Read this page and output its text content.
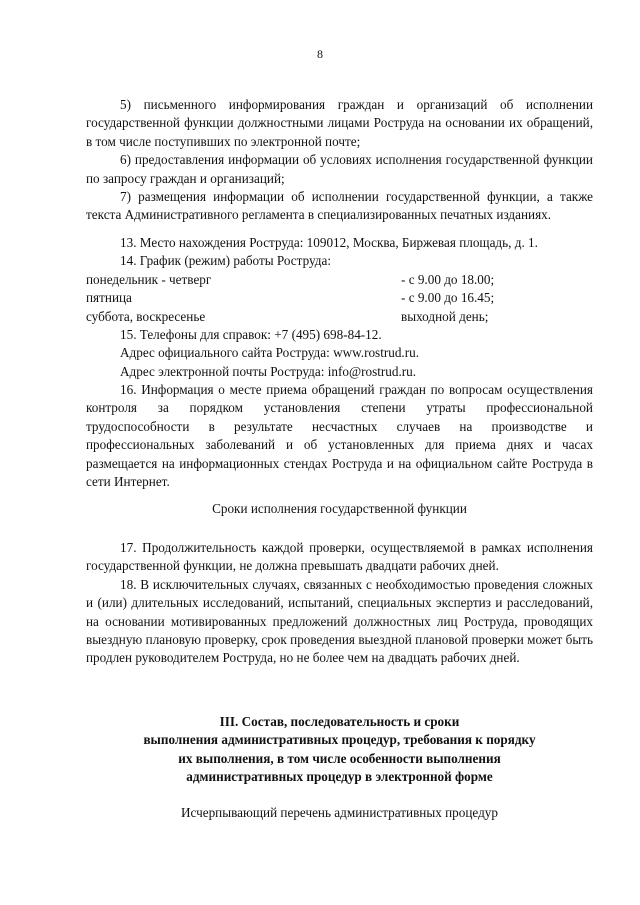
8

5) письменного информирования граждан и организаций об исполнении государственной функции должностными лицами Роструда на основании их обращений, в том числе поступивших по электронной почте;

6) предоставления информации об условиях исполнения государственной функции по запросу граждан и организаций;

7) размещения информации об исполнении государственной функции, а также текста Административного регламента в специализированных печатных изданиях.

13. Место нахождения Роструда: 109012, Москва, Биржевая площадь, д. 1.

14. График (режим) работы Роструда:

понедельник - четверг	- с 9.00 до 18.00;
пятница	- с 9.00 до 16.45;
суббота, воскресенье	выходной день;

15. Телефоны для справок: +7 (495) 698-84-12.

Адрес официального сайта Роструда: www.rostrud.ru.

Адрес электронной почты Роструда: info@rostrud.ru.

16. Информация о месте приема обращений граждан по вопросам осуществления контроля за порядком установления степени утраты профессиональной трудоспособности в результате несчастных случаев на производстве и профессиональных заболеваний и об установленных для приема днях и часах размещается на информационных стендах Роструда и на официальном сайте Роструда в сети Интернет.

Сроки исполнения государственной функции

17. Продолжительность каждой проверки, осуществляемой в рамках исполнения государственной функции, не должна превышать двадцати рабочих дней.

18. В исключительных случаях, связанных с необходимостью проведения сложных и (или) длительных исследований, испытаний, специальных экспертиз и расследований, на основании мотивированных предложений должностных лиц Роструда, проводящих выездную плановую проверку, срок проведения выездной плановой проверки может быть продлен руководителем Роструда, но не более чем на двадцать рабочих дней.

III. Состав, последовательность и сроки

выполнения административных процедур, требования к порядку

их выполнения, в том числе особенности выполнения

административных процедур в электронной форме

Исчерпывающий перечень административных процедур
